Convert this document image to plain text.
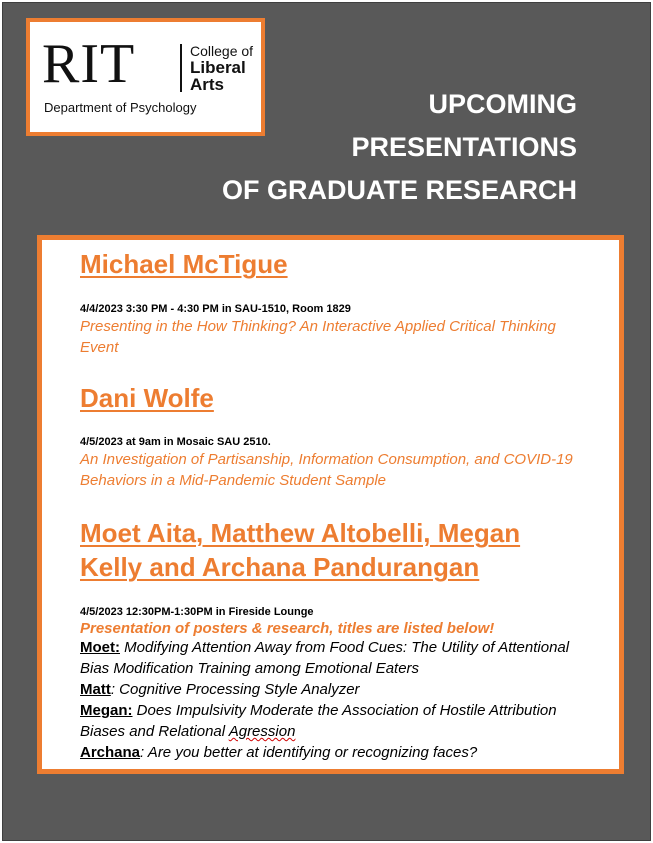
RIT	College of
Liberal
Arts
Department of Psychology	UPCOMING
PRESENTATIONS
OF GRADUATE RESEARCH
Michael McTigue
4/4/2023 3:30 PM - 4:30 PM in SAU-1510, Room 1829
Presenting in the How Thinking? An Interactive Applied Critical Thinking Event
Dani Wolfe
4/5/2023 at 9am in Mosaic SAU 2510.
An Investigation of Partisanship, Information Consumption, and COVID-19 Behaviors in a Mid-Pandemic Student Sample
Moet Aita, Matthew Altobelli, Megan
Kelly and Archana Pandurangan
4/5/2023 12:30PM-1:30PM in Fireside Lounge
Presentation of posters & research, titles are listed below!
Moet: Modifying Attention Away from Food Cues: The Utility of Attentional Bias Modification Training among Emotional Eaters
Matt: Cognitive Processing Style Analyzer
Megan: Does Impulsivity Moderate the Association of Hostile Attribution Biases and Relational Agression
Archana: Are you better at identifying or recognizing faces?
